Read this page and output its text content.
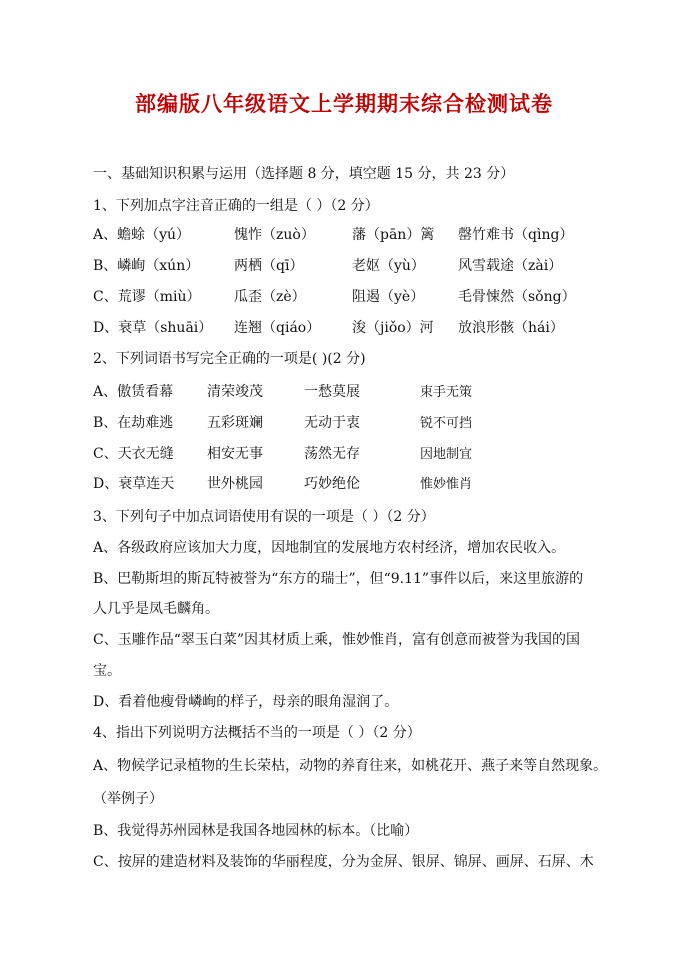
部编版八年级语文上学期期末综合检测试卷
一、基础知识积累与运用（选择题 8 分，填空题 15 分，共 23 分）
1、下列加点字注音正确的一组是（ ）（2 分）
A、蟾蜍（yú）	愧怍（zuò）	藩（pān）篱 罄竹难书（qìng）
B、嶙峋（xún） 两栖（qī）	老妪（yù） 风雪载途（zài）
C、荒谬（miù） 瓜歪（zè）	阻遏（yè） 毛骨悚然（sǒng）
D、衰草（shuāi） 连翘（qiáo） 浚（jiǒo）河 放浪形骸（hái）
2、下列词语书写完全正确的一项是( )(2 分)
A、傲赁看幕 清荣竣茂	一愁莫展	束手无策
B、在劫难逃 五彩斑斓	无动于衷	锐不可挡
C、天衣无缝 相安无事	荡然无存	因地制宜
D、衰草连天 世外桃园	巧妙绝伦	惟妙惟肖
3、下列句子中加点词语使用有误的一项是（ ）（2 分）
A、各级政府应该加大力度，因地制宜的发展地方农村经济，增加农民收入。
B、巴勒斯坦的斯瓦特被誉为“东方的瑞士”，但“9.11”事件以后，来这里旅游的
人几乎是凤毛麟角。
C、玉雕作品“翠玉白菜”因其材质上乘，惟妙惟肖，富有创意而被誉为我国的国
宝。
D、看着他瘦骨嶙峋的样子，母亲的眼角湿润了。
4、指出下列说明方法概括不当的一项是（ ）（2 分）
A、物候学记录植物的生长荣枯，动物的养育往来，如桃花开、燕子来等自然现象。
（举例子）
B、我觉得苏州园林是我国各地园林的标本。（比喻）
C、按屏的建造材料及装饰的华丽程度，分为金屏、银屏、锦屏、画屏、石屏、木
